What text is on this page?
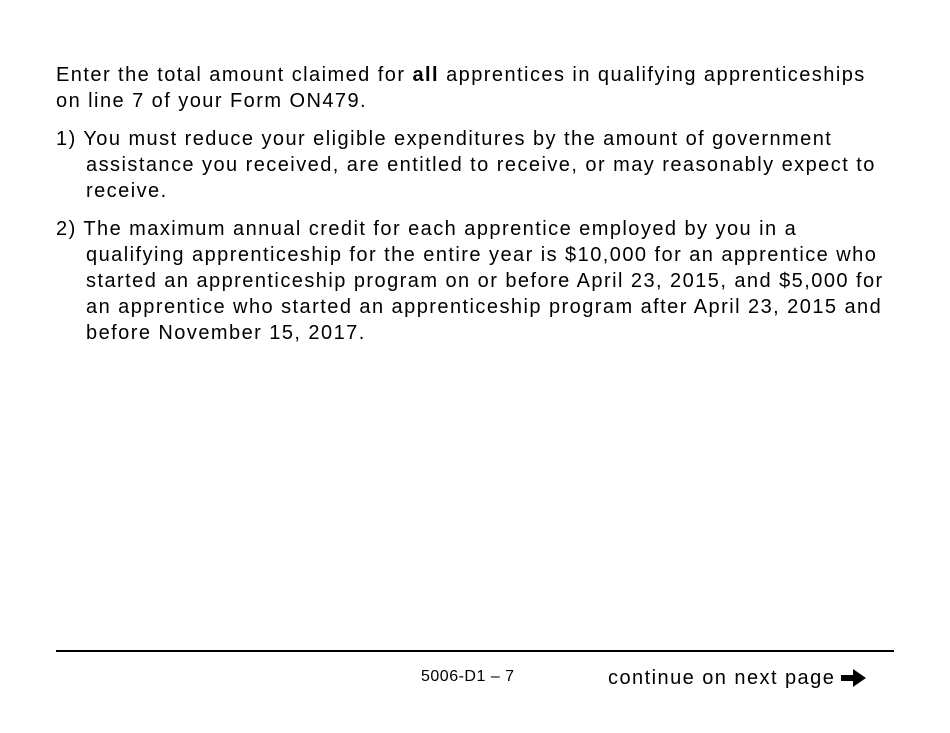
Enter the total amount claimed for all apprentices in qualifying apprenticeships on line 7 of your Form ON479.

1) You must reduce your eligible expenditures by the amount of government assistance you received, are entitled to receive, or may reasonably expect to receive.

2) The maximum annual credit for each apprentice employed by you in a qualifying apprenticeship for the entire year is $10,000 for an apprentice who started an apprenticeship program on or before April 23, 2015, and $5,000 for an apprentice who started an apprenticeship program after April 23, 2015 and before November 15, 2017.

5006-D1 – 7	continue on next page
